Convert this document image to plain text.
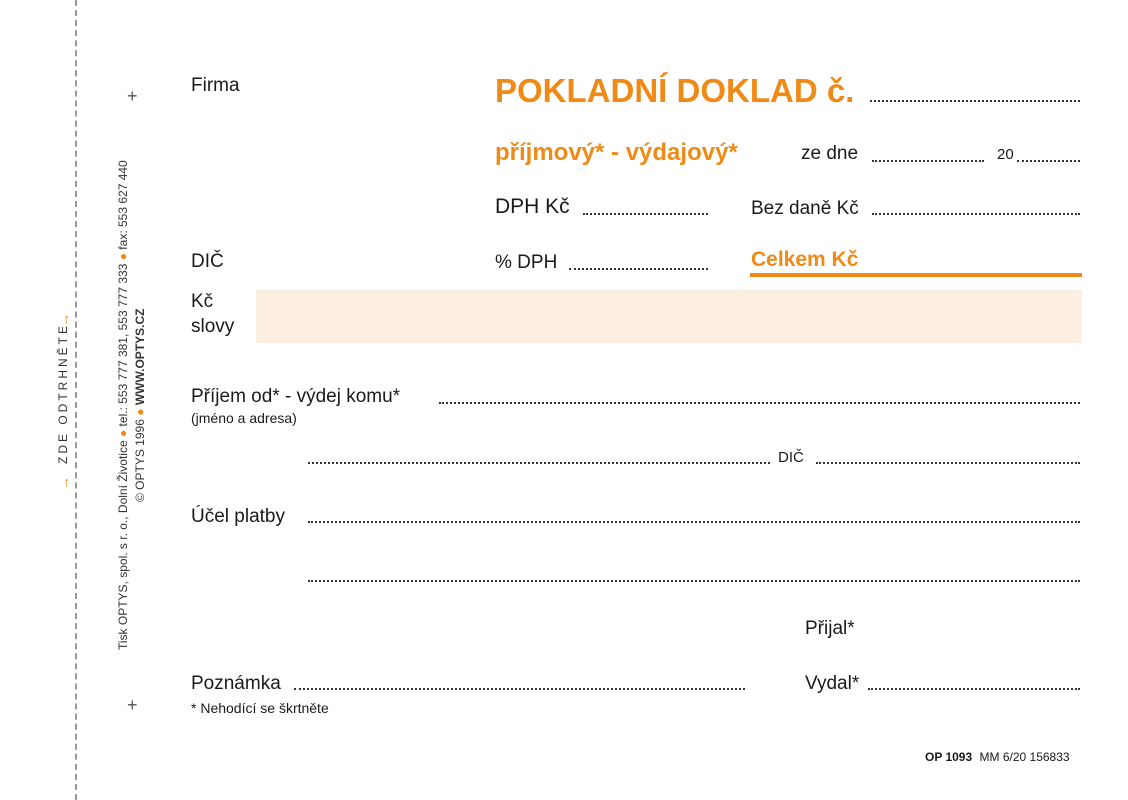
→
ZDE ODTRHNĚTE
→	Tisk OPTYS, spol. s r. o., Dolní Životice ● tel.: 553 777 381, 553 777 333 ● fax: 553 627 440
© OPTYS 1996 ● WWW.OPTYS.CZ
+
+
Firma	POKLADNÍ DOKLAD č.
příjmový* - výdajový*	ze dne	20
DPH Kč	Bez daně Kč
DIČ	% DPH	Celkem Kč
Kč
slovy
Příjem od* - výdej komu*
(jméno a adresa)
DIČ
Účel platby
Přijal*
Poznámka
* Nehodící se škrtněte
Vydal*
OP 1093 MM 6/20 156833
